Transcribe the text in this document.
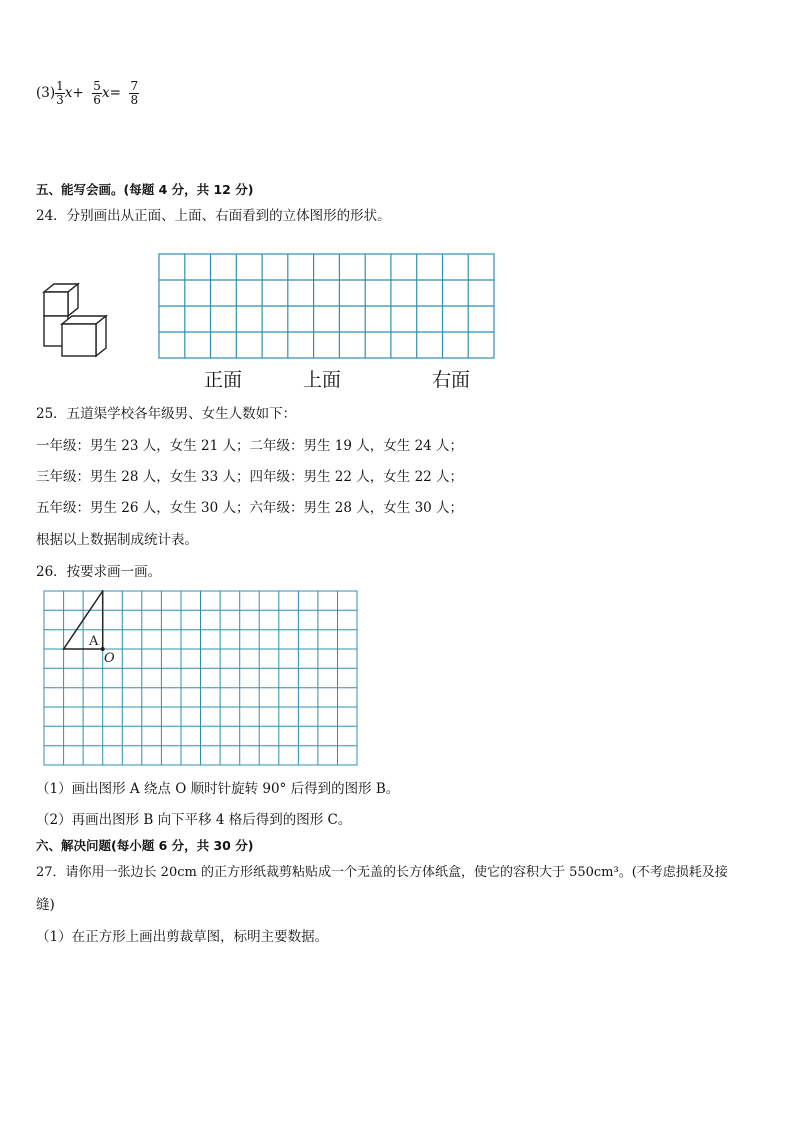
$(3) \frac{1}{3} x+ \frac{5}{6} x= \frac{7}{8}$
五、能写会画。(每题 4 分，共 12 分)
24．分别画出从正面、上面、右面看到的立体图形的形状。
正面	上面	右面
25．五道渠学校各年级男、女生人数如下：
一年级：男生 23 人，女生 21 人；二年级：男生 19 人，女生 24 人；
三年级：男生 28 人，女生 33 人；四年级：男生 22 人，女生 22 人；
五年级：男生 26 人，女生 30 人；六年级：男生 28 人，女生 30 人；
根据以上数据制成统计表。
26．按要求画一画。
A
O
（1）画出图形 A 绕点 O 顺时针旋转 90° 后得到的图形 B。
（2）再画出图形 B 向下平移 4 格后得到的图形 C。
六、解决问题(每小题 6 分，共 30 分)
27．请你用一张边长 20cm 的正方形纸裁剪粘贴成一个无盖的长方体纸盒，使它的容积大于 550cm³。(不考虑损耗及接
缝)
（1）在正方形上画出剪裁草图，标明主要数据。
